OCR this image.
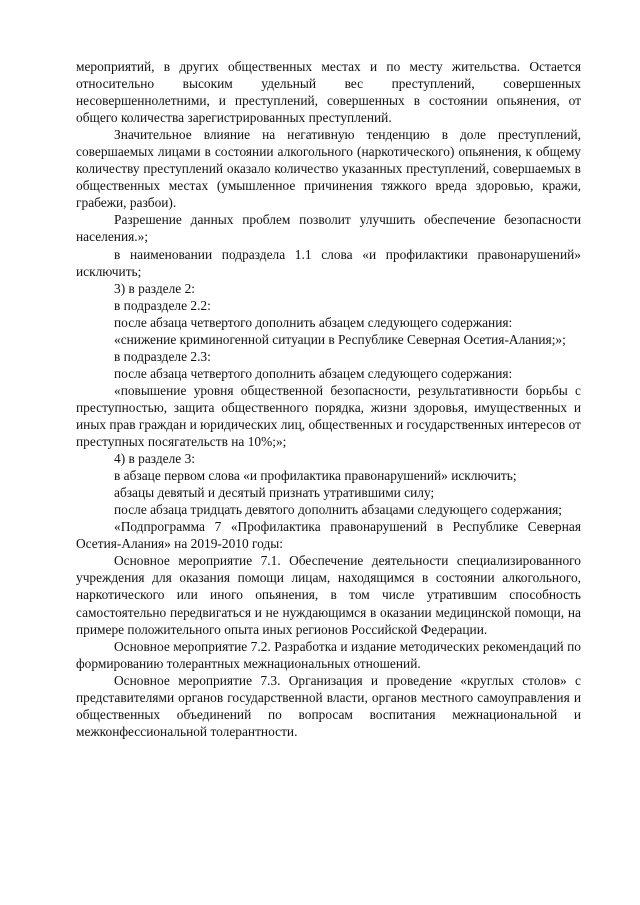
мероприятий, в других общественных местах и по месту жительства. Остается относительно высоким удельный вес преступлений, совершенных несовершеннолетними, и преступлений, совершенных в состоянии опьянения, от общего количества зарегистрированных преступлений.

Значительное влияние на негативную тенденцию в доле преступлений, совершаемых лицами в состоянии алкогольного (наркотического) опьянения, к общему количеству преступлений оказало количество указанных преступлений, совершаемых в общественных местах (умышленное причинения тяжкого вреда здоровью, кражи, грабежи, разбои).

Разрешение данных проблем позволит улучшить обеспечение безопасности населения.»;

в наименовании подраздела 1.1 слова «и профилактики правонарушений» исключить;

3) в разделе 2:

в подразделе 2.2:

после абзаца четвертого дополнить абзацем следующего содержания:

«снижение криминогенной ситуации в Республике Северная Осетия-Алания;»;

в подразделе 2.3:

после абзаца четвертого дополнить абзацем следующего содержания:

«повышение уровня общественной безопасности, результативности борьбы с преступностью, защита общественного порядка, жизни здоровья, имущественных и иных прав граждан и юридических лиц, общественных и государственных интересов от преступных посягательств на 10%;»;

4) в разделе 3:

в абзаце первом слова «и профилактика правонарушений» исключить;

абзацы девятый и десятый признать утратившими силу;

после абзаца тридцать девятого дополнить абзацами следующего содержания;

«Подпрограмма 7 «Профилактика правонарушений в Республике Северная Осетия-Алания» на 2019-2010 годы:

Основное мероприятие 7.1. Обеспечение деятельности специализированного учреждения для оказания помощи лицам, находящимся в состоянии алкогольного, наркотического или иного опьянения, в том числе утратившим способность самостоятельно передвигаться и не нуждающимся в оказании медицинской помощи, на примере положительного опыта иных регионов Российской Федерации.

Основное мероприятие 7.2. Разработка и издание методических рекомендаций по формированию толерантных межнациональных отношений.

Основное мероприятие 7.3. Организация и проведение «круглых столов» с представителями органов государственной власти, органов местного самоуправления и общественных объединений по вопросам воспитания межнациональной и межконфессиональной толерантности.
